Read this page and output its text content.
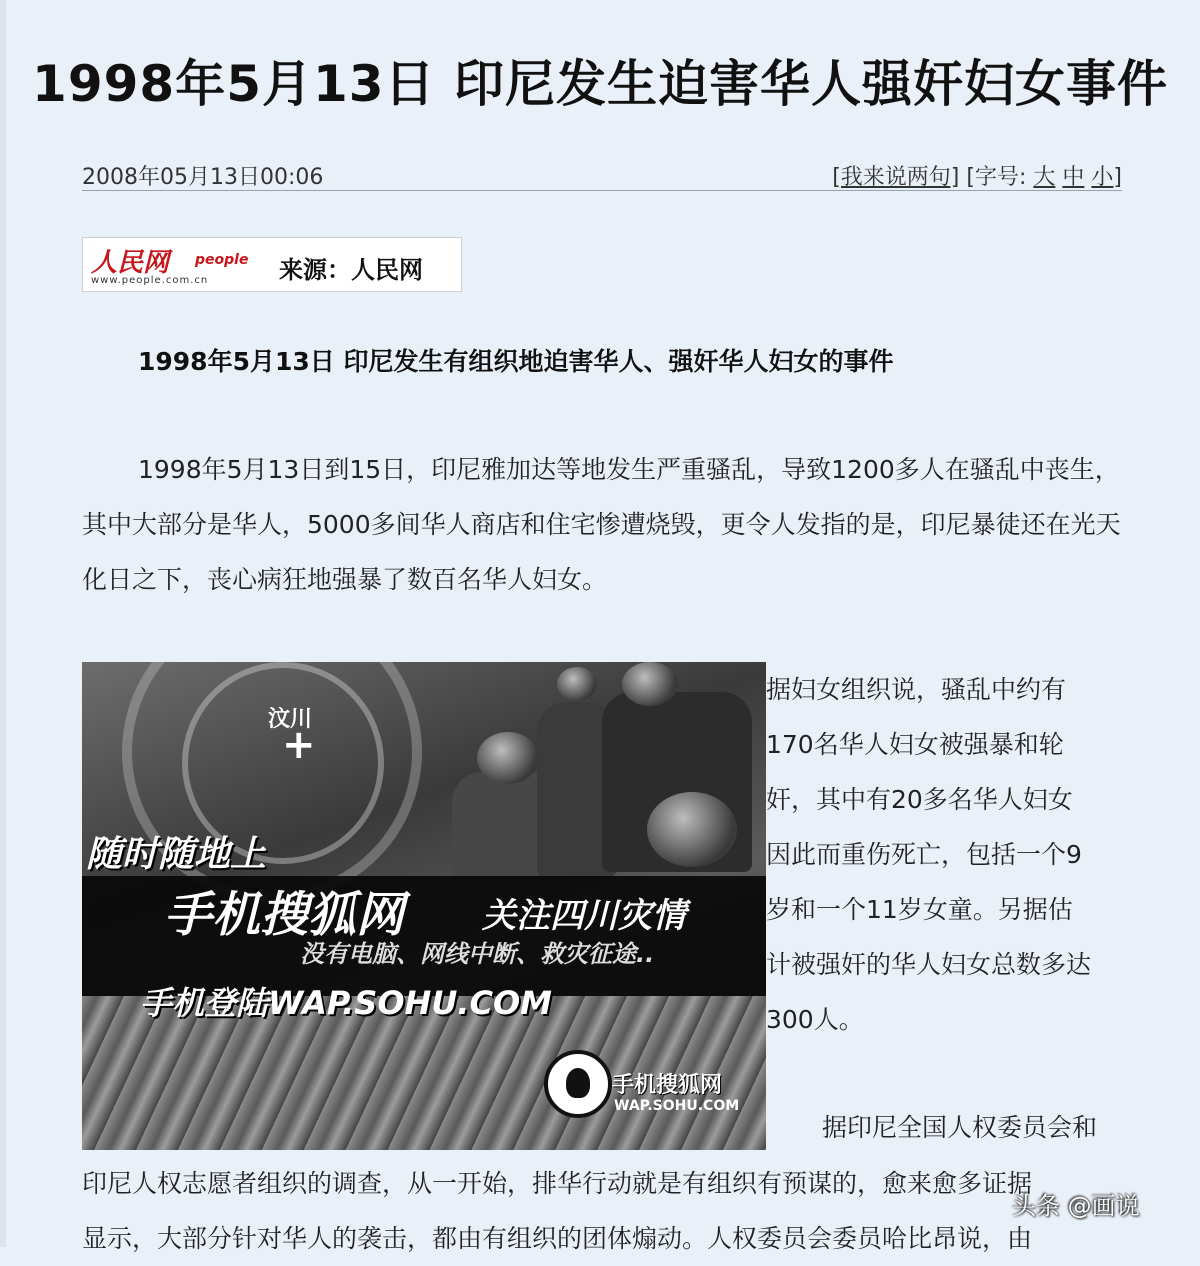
1998年5月13日 印尼发生迫害华人强奸妇女事件
2008年05月13日00:06	[我来说两句] [字号: 大 中 小]
人民网 people
www.people.com.cn	来源：人民网
1998年5月13日 印尼发生有组织地迫害华人、强奸华人妇女的事件
1998年5月13日到15日，印尼雅加达等地发生严重骚乱，导致1200多人在骚乱中丧生，其中大部分是华人，5000多间华人商店和住宅惨遭烧毁，更令人发指的是，印尼暴徒还在光天化日之下，丧心病狂地强暴了数百名华人妇女。
汶川
+
随时随地上
手机搜狐网 关注四川灾情
没有电脑、网线中断、救灾征途..
手机登陆WAP.SOHU.COM
手机搜狐网
WAP.SOHU.COM
据妇女组织说，骚乱中约有
170名华人妇女被强暴和轮
奸，其中有20多名华人妇女
因此而重伤死亡，包括一个9
岁和一个11岁女童。另据估
计被强奸的华人妇女总数多达
300人。
据印尼全国人权委员会和
印尼人权志愿者组织的调查，从一开始，排华行动就是有组织有预谋的，愈来愈多证据
显示，大部分针对华人的袭击，都由有组织的团体煽动。人权委员会委员哈比昂说，由
头条 @画说
